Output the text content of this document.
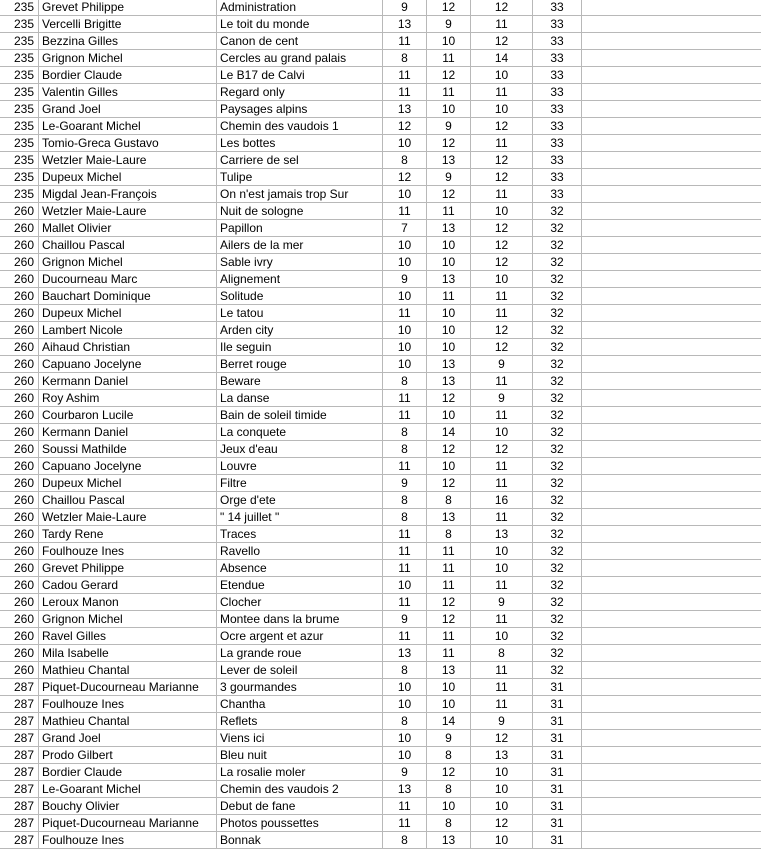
235 Grevet Philippe	Administration	9	12	12	33
235 Vercelli Brigitte	Le toit du monde	13	9	11	33
235 Bezzina Gilles	Canon de cent	11	10	12	33
235 Grignon Michel	Cercles au grand palais	8	11	14	33
235 Bordier Claude	Le B17 de Calvi	11	12	10	33
235 Valentin Gilles	Regard only	11	11	11	33
235 Grand Joel	Paysages alpins	13	10	10	33
235 Le-Goarant Michel	Chemin des vaudois 1	12	9	12	33
235 Tomio-Greca Gustavo	Les bottes	10	12	11	33
235 Wetzler Maie-Laure	Carriere de sel	8	13	12	33
235 Dupeux Michel	Tulipe	12	9	12	33
235 Migdal Jean-François	On n'est jamais trop Sur	10	12	11	33
260 Wetzler Maie-Laure	Nuit de sologne	11	11	10	32
260 Mallet Olivier	Papillon	7	13	12	32
260 Chaillou Pascal	Ailers de la mer	10	10	12	32
260 Grignon Michel	Sable ivry	10	10	12	32
260 Ducourneau Marc	Alignement	9	13	10	32
260 Bauchart Dominique	Solitude	10	11	11	32
260 Dupeux Michel	Le tatou	11	10	11	32
260 Lambert Nicole	Arden city	10	10	12	32
260 Aihaud Christian	Ile seguin	10	10	12	32
260 Capuano Jocelyne	Berret rouge	10	13	9	32
260 Kermann Daniel	Beware	8	13	11	32
260 Roy Ashim	La danse	11	12	9	32
260 Courbaron Lucile	Bain de soleil timide	11	10	11	32
260 Kermann Daniel	La conquete	8	14	10	32
260 Soussi Mathilde	Jeux d'eau	8	12	12	32
260 Capuano Jocelyne	Louvre	11	10	11	32
260 Dupeux Michel	Filtre	9	12	11	32
260 Chaillou Pascal	Orge d'ete	8	8	16	32
260 Wetzler Maie-Laure	" 14 juillet "	8	13	11	32
260 Tardy Rene	Traces	11	8	13	32
260 Foulhouze Ines	Ravello	11	11	10	32
260 Grevet Philippe	Absence	11	11	10	32
260 Cadou Gerard	Etendue	10	11	11	32
260 Leroux Manon	Clocher	11	12	9	32
260 Grignon Michel	Montee dans la brume	9	12	11	32
260 Ravel Gilles	Ocre argent et azur	11	11	10	32
260 Mila Isabelle	La grande roue	13	11	8	32
260 Mathieu Chantal	Lever de soleil	8	13	11	32
287 Piquet-Ducourneau Marianne	3 gourmandes	10	10	11	31
287 Foulhouze Ines	Chantha	10	10	11	31
287 Mathieu Chantal	Reflets	8	14	9	31
287 Grand Joel	Viens ici	10	9	12	31
287 Prodo Gilbert	Bleu nuit	10	8	13	31
287 Bordier Claude	La rosalie moler	9	12	10	31
287 Le-Goarant Michel	Chemin des vaudois 2	13	8	10	31
287 Bouchy Olivier	Debut de fane	11	10	10	31
287 Piquet-Ducourneau Marianne	Photos poussettes	11	8	12	31
287 Foulhouze Ines	Bonnak	8	13	10	31
